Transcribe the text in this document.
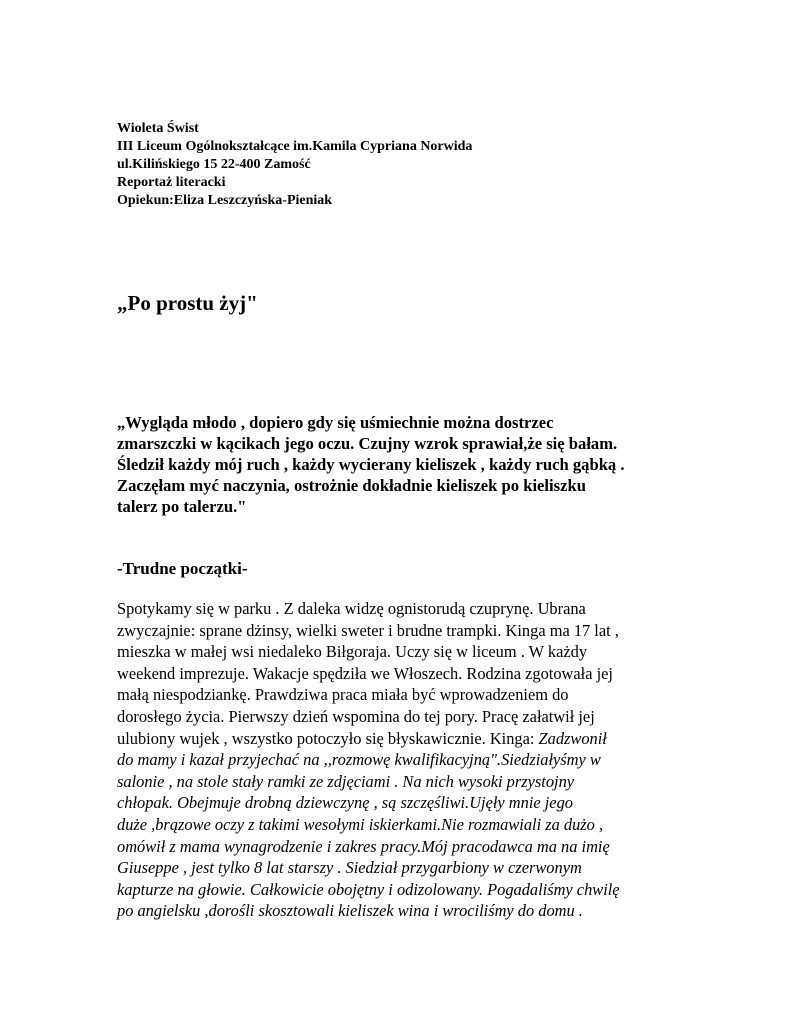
Wioleta Świst
III Liceum Ogólnokształcące im.Kamila Cypriana Norwida
ul.Kilińskiego 15 22-400 Zamość
Reportaż literacki
Opiekun:Eliza Leszczyńska-Pieniak
„Po prostu żyj"
„Wygląda młodo , dopiero gdy się uśmiechnie można dostrzec
zmarszczki w kącikach jego oczu. Czujny wzrok sprawiał,że się bałam.
Śledził każdy mój ruch , każdy wycierany kieliszek , każdy ruch gąbką .
Zaczęłam myć naczynia, ostrożnie dokładnie kieliszek po kieliszku
talerz po talerzu."
-Trudne początki-
Spotykamy się w parku . Z daleka widzę ognistorudą czuprynę. Ubrana
zwyczajnie: sprane dżinsy, wielki sweter i brudne trampki. Kinga ma 17 lat ,
mieszka w małej wsi niedaleko Biłgoraja. Uczy się w liceum . W każdy
weekend imprezuje. Wakacje spędziła we Włoszech. Rodzina zgotowała jej
małą niespodziankę. Prawdziwa praca miała być wprowadzeniem do
dorosłego życia. Pierwszy dzień wspomina do tej pory. Pracę załatwił jej
ulubiony wujek , wszystko potoczyło się błyskawicznie. Kinga: Zadzwonił
do mamy i kazał przyjechać na ,,rozmowę kwalifikacyjną".Siedziałyśmy w
salonie , na stole stały ramki ze zdjęciami . Na nich wysoki przystojny
chłopak. Obejmuje drobną dziewczynę , są szczęśliwi.Ujęły mnie jego
duże ,brązowe oczy z takimi wesołymi iskierkami.Nie rozmawiali za dużo ,
omówił z mama wynagrodzenie i zakres pracy.Mój pracodawca ma na imię
Giuseppe , jest tylko 8 lat starszy . Siedział przygarbiony w czerwonym
kapturze na głowie. Całkowicie obojętny i odizolowany. Pogadaliśmy chwilę
po angielsku ,dorośli skosztowali kieliszek wina i wrociliśmy do domu .
